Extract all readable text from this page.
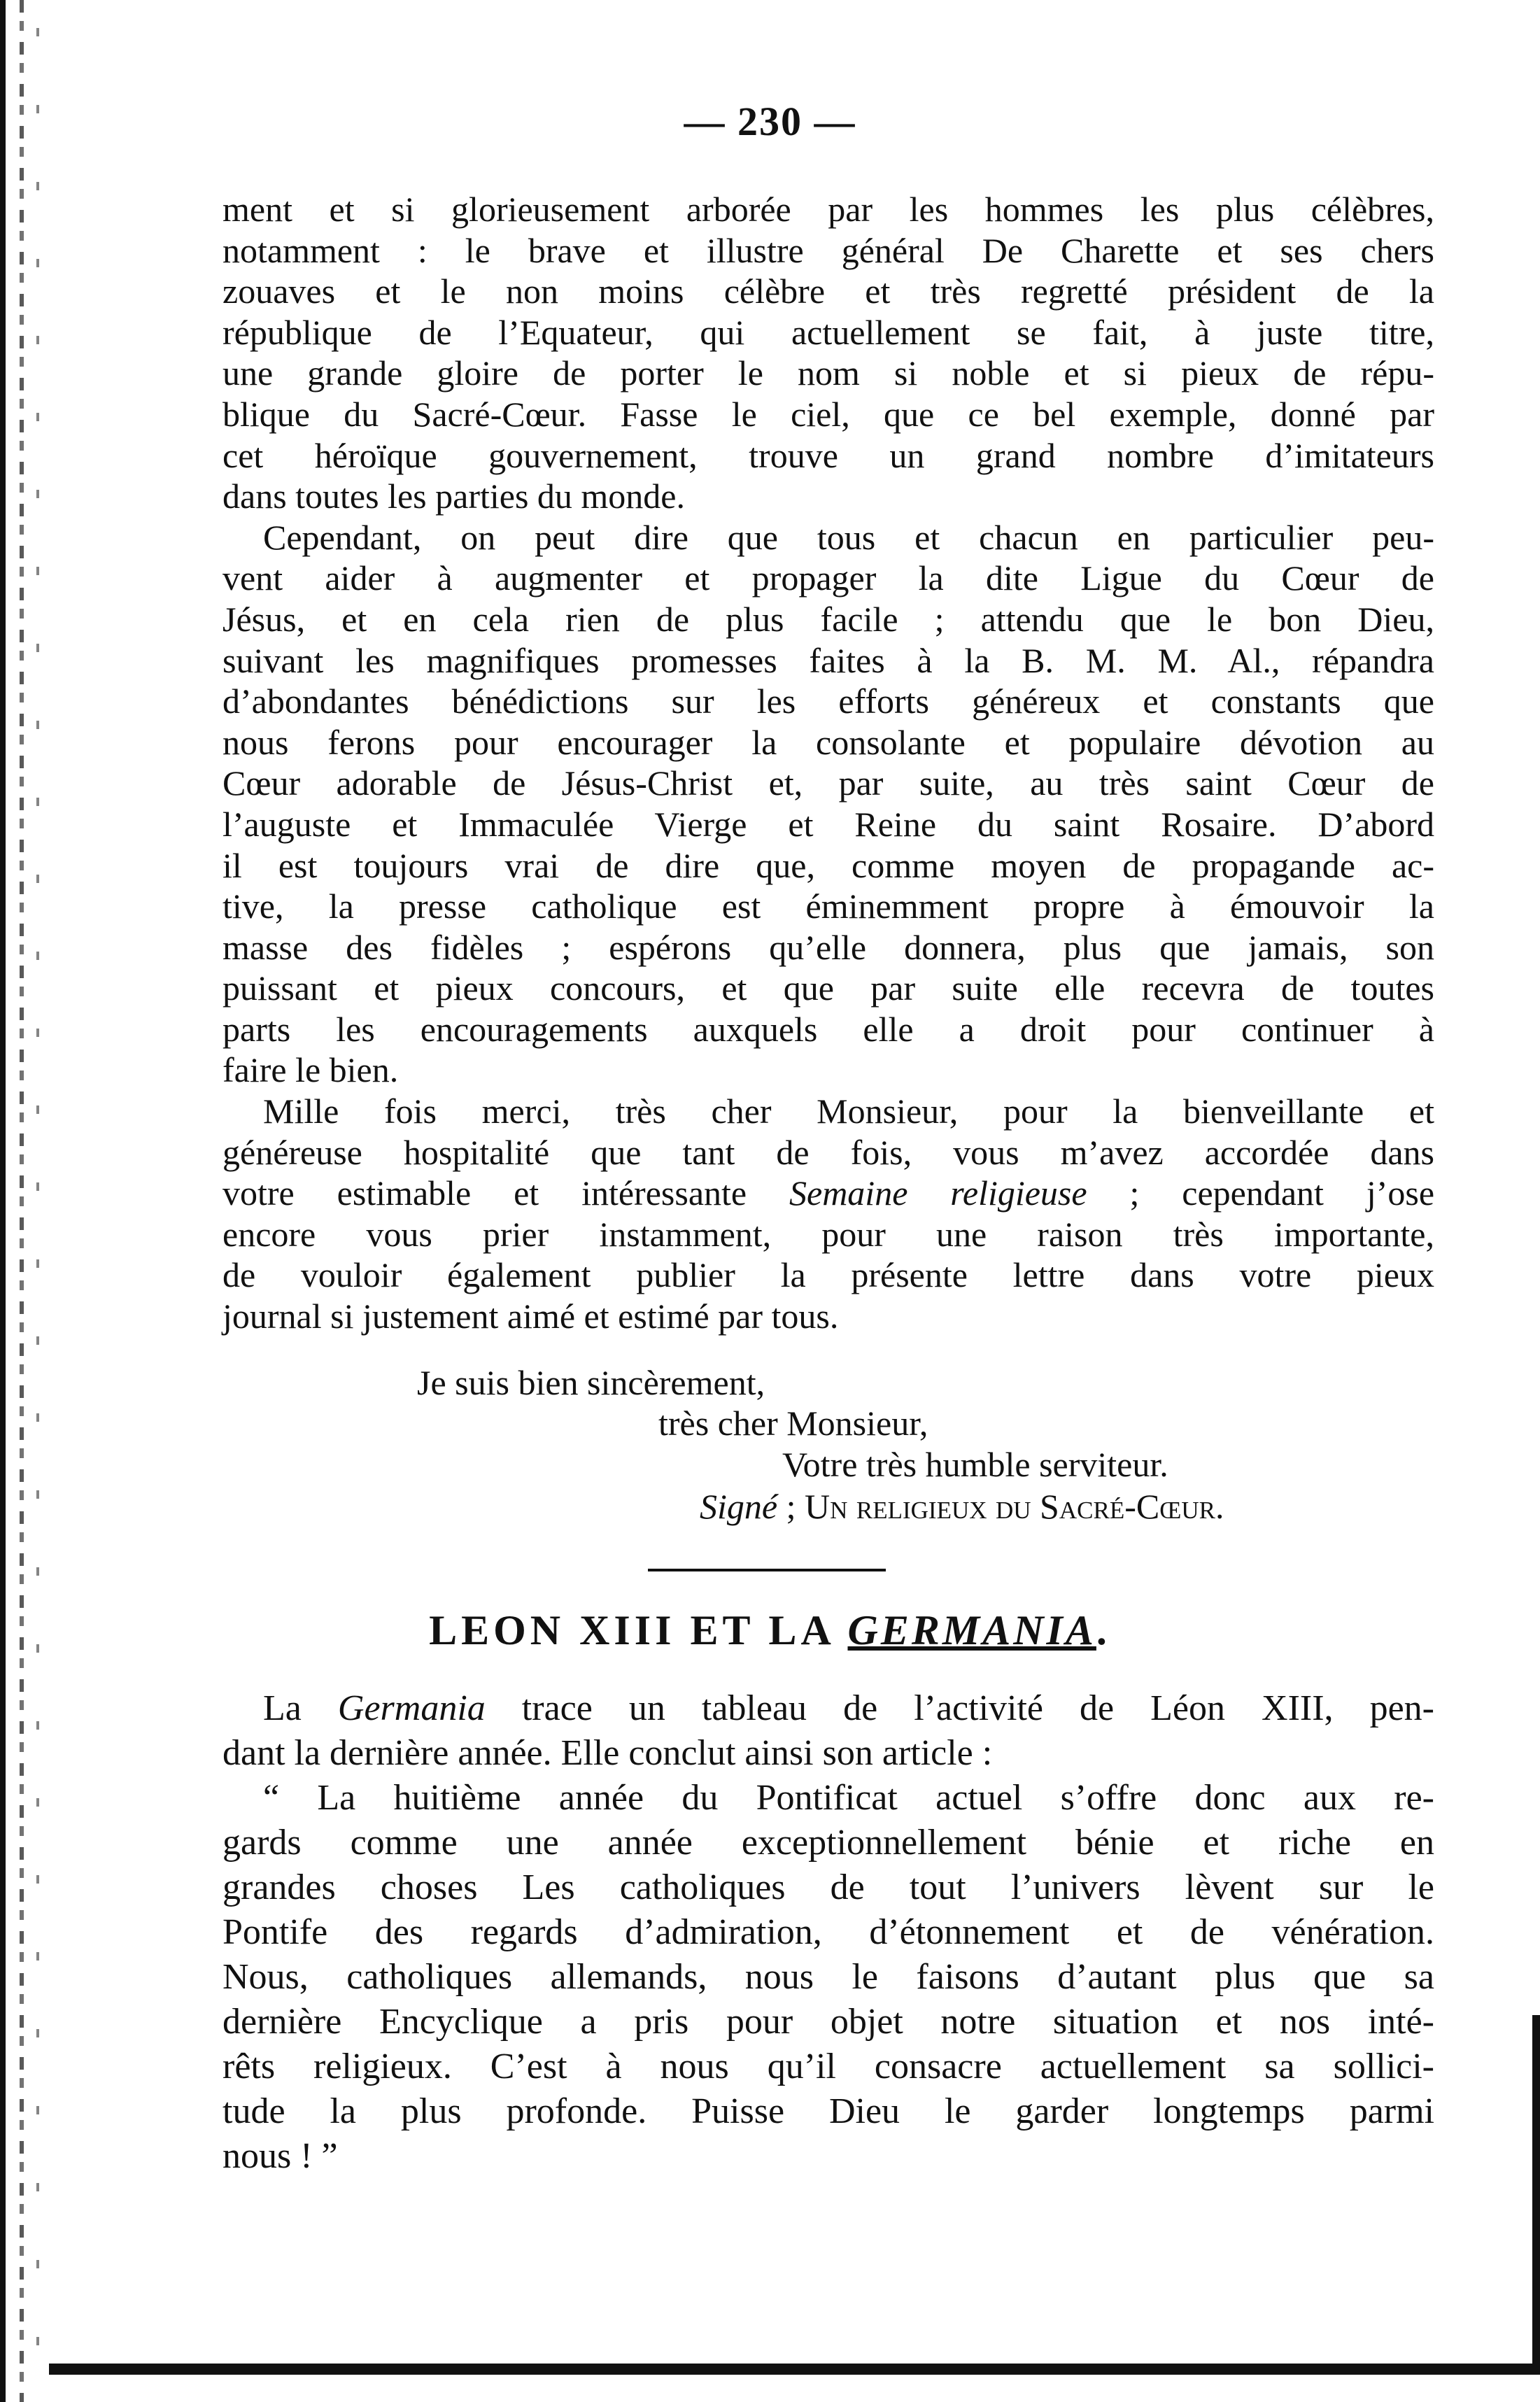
— 230 —
ment et si glorieusement arborée par les hommes les plus célèbres,
notamment : le brave et illustre général De Charette et ses chers
zouaves et le non moins célèbre et très regretté président de la
république de l’Equateur, qui actuellement se fait, à juste titre,
une grande gloire de porter le nom si noble et si pieux de répu-
blique du Sacré-Cœur. Fasse le ciel, que ce bel exemple, donné par
cet héroïque gouvernement, trouve un grand nombre d’imitateurs
dans toutes les parties du monde.
Cependant, on peut dire que tous et chacun en particulier peu-
vent aider à augmenter et propager la dite Ligue du Cœur de
Jésus, et en cela rien de plus facile ; attendu que le bon Dieu,
suivant les magnifiques promesses faites à la B. M. M. Al., répandra
d’abondantes bénédictions sur les efforts généreux et constants que
nous ferons pour encourager la consolante et populaire dévotion au
Cœur adorable de Jésus-Christ et, par suite, au très saint Cœur de
l’auguste et Immaculée Vierge et Reine du saint Rosaire. D’abord
il est toujours vrai de dire que, comme moyen de propagande ac-
tive, la presse catholique est éminemment propre à émouvoir la
masse des fidèles ; espérons qu’elle donnera, plus que jamais, son
puissant et pieux concours, et que par suite elle recevra de toutes
parts les encouragements auxquels elle a droit pour continuer à
faire le bien.
Mille fois merci, très cher Monsieur, pour la bienveillante et
généreuse hospitalité que tant de fois, vous m’avez accordée dans
votre estimable et intéressante Semaine religieuse ; cependant j’ose
encore vous prier instamment, pour une raison très importante,
de vouloir également publier la présente lettre dans votre pieux
journal si justement aimé et estimé par tous.
Je suis bien sincèrement,
très cher Monsieur,
Votre très humble serviteur.
Signé ; Un religieux du Sacré-Cœur.
LEON XIII ET LA GERMANIA.
La Germania trace un tableau de l’activité de Léon XIII, pen-
dant la dernière année. Elle conclut ainsi son article :
“ La huitième année du Pontificat actuel s’offre donc aux re-
gards comme une année exceptionnellement bénie et riche en
grandes choses Les catholiques de tout l’univers lèvent sur le
Pontife des regards d’admiration, d’étonnement et de vénération.
Nous, catholiques allemands, nous le faisons d’autant plus que sa
dernière Encyclique a pris pour objet notre situation et nos inté-
rêts religieux. C’est à nous qu’il consacre actuellement sa sollici-
tude la plus profonde. Puisse Dieu le garder longtemps parmi
nous ! ”
